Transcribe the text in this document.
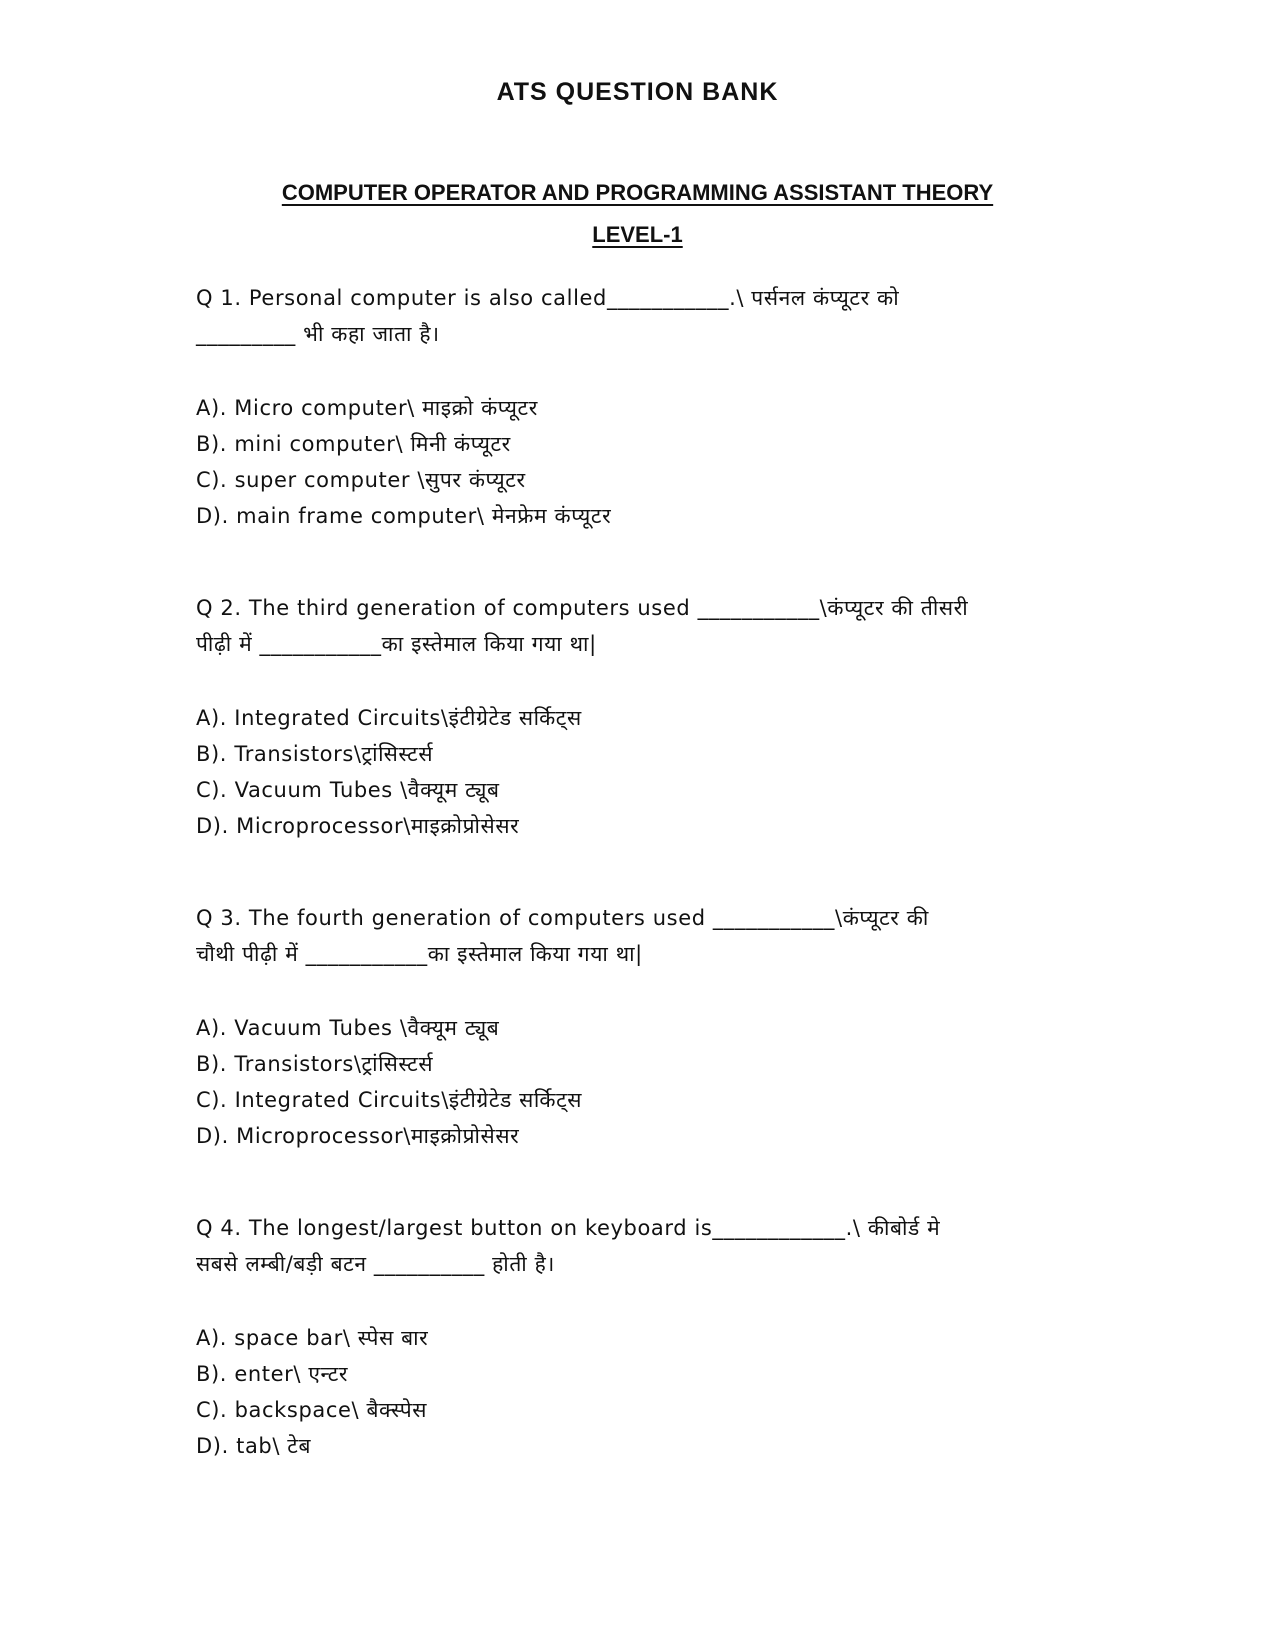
ATS QUESTION BANK
COMPUTER OPERATOR AND PROGRAMMING ASSISTANT THEORY
LEVEL-1

Q 1. Personal computer is also called___________.\ पर्सनल कंप्यूटर को
_________ भी कहा जाता है।

A). Micro computer\ माइक्रो कंप्यूटर
B). mini computer\ मिनी कंप्यूटर
C). super computer \सुपर कंप्यूटर
D). main frame computer\ मेनफ्रेम कंप्यूटर

Q 2. The third generation of computers used ___________\कंप्यूटर की तीसरी
पीढ़ी में ___________का इस्तेमाल किया गया था|

A). Integrated Circuits\इंटीग्रेटेड सर्किट्स
B). Transistors\ट्रांसिस्टर्स
C). Vacuum Tubes \वैक्यूम ट्यूब
D). Microprocessor\माइक्रोप्रोसेसर

Q 3. The fourth generation of computers used ___________\कंप्यूटर की
चौथी पीढ़ी में ___________का इस्तेमाल किया गया था|

A). Vacuum Tubes \वैक्यूम ट्यूब
B). Transistors\ट्रांसिस्टर्स
C). Integrated Circuits\इंटीग्रेटेड सर्किट्स
D). Microprocessor\माइक्रोप्रोसेसर

Q 4. The longest/largest button on keyboard is____________.\ कीबोर्ड मे
सबसे लम्बी/बड़ी बटन __________ होती है।

A). space bar\ स्पेस बार
B). enter\ एन्टर
C). backspace\ बैक्स्पेस
D). tab\ टेब
